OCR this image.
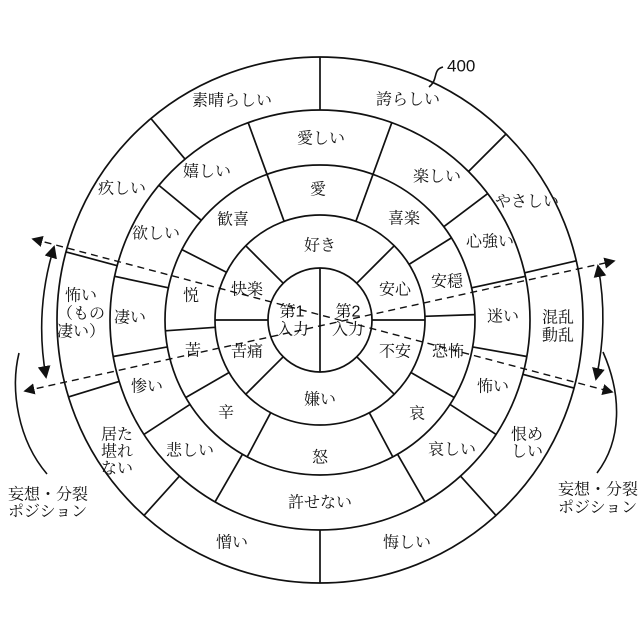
400
第1
入力
第2
入力
好き
安心
不安
嫌い
苦痛
快楽
愛
喜楽
安穏
恐怖
哀
怒
辛
苦
悦
歓喜
愛しい
楽しい
心強い
迷い
怖い
哀しい
許せない
悲しい
惨い
凄い
欲しい
嬉しい
誇らしい
やさしい
混乱
動乱
恨め
しい
悔しい
憎い
居た
堪れ
ない
怖い
（もの
凄い）
疚しい
素晴らしい
妄想・分裂
ポジション
妄想・分裂
ポジション
